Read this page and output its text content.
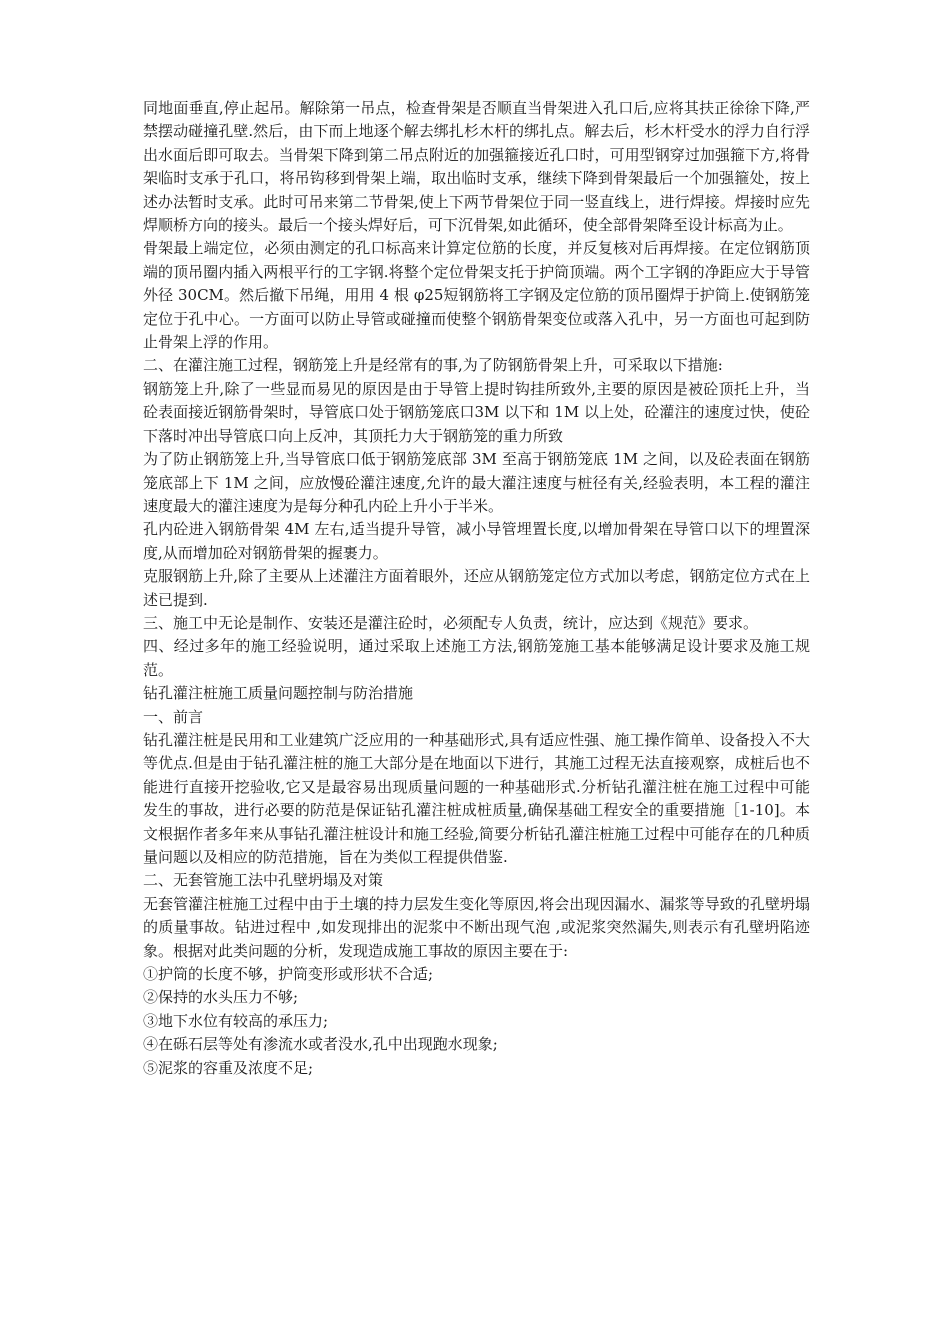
同地面垂直,停止起吊。解除第一吊点，检查骨架是否顺直当骨架进入孔口后,应将其扶正徐徐下降,严禁摆动碰撞孔壁.然后，由下而上地逐个解去绑扎杉木杆的绑扎点。解去后，杉木杆受水的浮力自行浮出水面后即可取去。当骨架下降到第二吊点附近的加强箍接近孔口时，可用型钢穿过加强箍下方,将骨架临时支承于孔口，将吊钩移到骨架上端，取出临时支承，继续下降到骨架最后一个加强箍处，按上述办法暂时支承。此时可吊来第二节骨架,使上下两节骨架位于同一竖直线上，进行焊接。焊接时应先焊顺桥方向的接头。最后一个接头焊好后，可下沉骨架,如此循环，使全部骨架降至设计标高为止。

骨架最上端定位，必须由测定的孔口标高来计算定位筋的长度，并反复核对后再焊接。在定位钢筋顶端的顶吊圈内插入两根平行的工字钢.将整个定位骨架支托于护筒顶端。两个工字钢的净距应大于导管外径 30CM。然后撤下吊绳，用用 4 根 φ25短钢筋将工字钢及定位筋的顶吊圈焊于护筒上.使钢筋笼定位于孔中心。一方面可以防止导管或碰撞而使整个钢筋骨架变位或落入孔中，另一方面也可起到防止骨架上浮的作用。

二、在灌注施工过程，钢筋笼上升是经常有的事,为了防钢筋骨架上升，可采取以下措施:

钢筋笼上升,除了一些显而易见的原因是由于导管上提时钩挂所致外,主要的原因是被砼顶托上升，当砼表面接近钢筋骨架时，导管底口处于钢筋笼底口3M 以下和 1M 以上处，砼灌注的速度过快，使砼下落时冲出导管底口向上反冲，其顶托力大于钢筋笼的重力所致

为了防止钢筋笼上升,当导管底口低于钢筋笼底部 3M 至高于钢筋笼底 1M 之间，以及砼表面在钢筋笼底部上下 1M 之间，应放慢砼灌注速度,允许的最大灌注速度与桩径有关,经验表明，本工程的灌注速度最大的灌注速度为是每分种孔内砼上升小于半米。

孔内砼进入钢筋骨架 4M 左右,适当提升导管，减小导管埋置长度,以增加骨架在导管口以下的埋置深度,从而增加砼对钢筋骨架的握裹力。

克服钢筋上升,除了主要从上述灌注方面着眼外，还应从钢筋笼定位方式加以考虑，钢筋定位方式在上述已提到.

三、施工中无论是制作、安装还是灌注砼时，必须配专人负责，统计，应达到《规范》要求。

四、经过多年的施工经验说明，通过采取上述施工方法,钢筋笼施工基本能够满足设计要求及施工规范。

钻孔灌注桩施工质量问题控制与防治措施

一、前言

钻孔灌注桩是民用和工业建筑广泛应用的一种基础形式,具有适应性强、施工操作简单、设备投入不大等优点.但是由于钻孔灌注桩的施工大部分是在地面以下进行，其施工过程无法直接观察，成桩后也不能进行直接开挖验收,它又是最容易出现质量问题的一种基础形式.分析钻孔灌注桩在施工过程中可能发生的事故，进行必要的防范是保证钻孔灌注桩成桩质量,确保基础工程安全的重要措施［1-10]。本文根据作者多年来从事钻孔灌注桩设计和施工经验,简要分析钻孔灌注桩施工过程中可能存在的几种质量问题以及相应的防范措施，旨在为类似工程提供借鉴.

二、无套管施工法中孔壁坍塌及对策

无套管灌注桩施工过程中由于土壤的持力层发生变化等原因,将会出现因漏水、漏浆等导致的孔壁坍塌的质量事故。钻进过程中 ,如发现排出的泥浆中不断出现气泡 ,或泥浆突然漏失,则表示有孔壁坍陷迹象。根据对此类问题的分析，发现造成施工事故的原因主要在于:

①护筒的长度不够，护筒变形或形状不合适;

②保持的水头压力不够;

③地下水位有较高的承压力;

④在砾石层等处有渗流水或者没水,孔中出现跑水现象;

⑤泥浆的容重及浓度不足;
